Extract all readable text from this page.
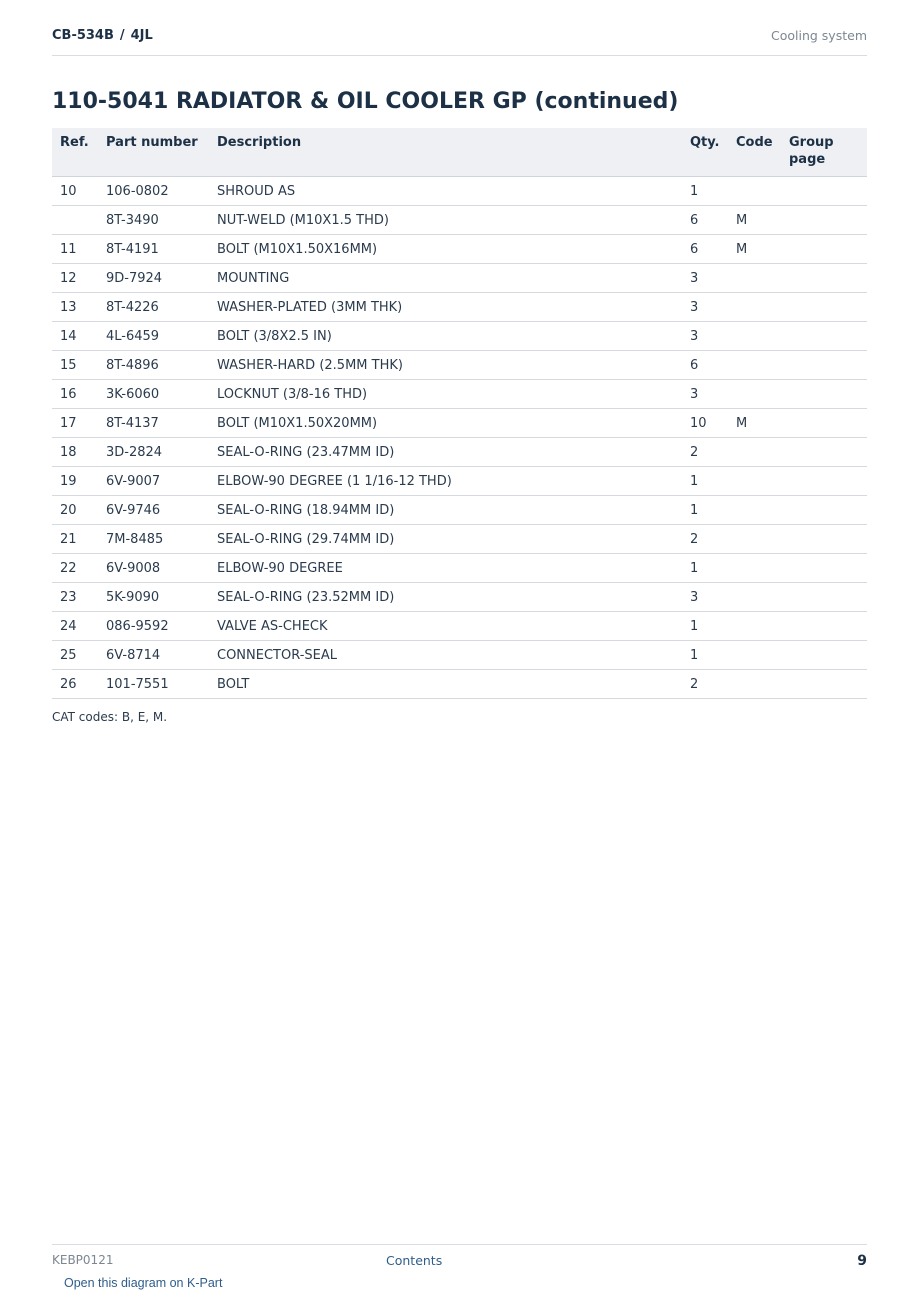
CB-534B / 4JL	Cooling system
110-5041 RADIATOR & OIL COOLER GP (continued)
Ref.	Part number	Description	Qty.	Code	Group page
10	106-0802	SHROUD AS	1		
	8T-3490	NUT-WELD (M10X1.5 THD)	6	M	
11	8T-4191	BOLT (M10X1.50X16MM)	6	M	
12	9D-7924	MOUNTING	3		
13	8T-4226	WASHER-PLATED (3MM THK)	3		
14	4L-6459	BOLT (3/8X2.5 IN)	3		
15	8T-4896	WASHER-HARD (2.5MM THK)	6		
16	3K-6060	LOCKNUT (3/8-16 THD)	3		
17	8T-4137	BOLT (M10X1.50X20MM)	10	M	
18	3D-2824	SEAL-O-RING (23.47MM ID)	2		
19	6V-9007	ELBOW-90 DEGREE (1 1/16-12 THD)	1		
20	6V-9746	SEAL-O-RING (18.94MM ID)	1		
21	7M-8485	SEAL-O-RING (29.74MM ID)	2		
22	6V-9008	ELBOW-90 DEGREE	1		
23	5K-9090	SEAL-O-RING (23.52MM ID)	3		
24	086-9592	VALVE AS-CHECK	1		
25	6V-8714	CONNECTOR-SEAL	1		
26	101-7551	BOLT	2		
CAT codes: B, E, M.
KEBP0121	Contents	9
Open this diagram on K-Part
